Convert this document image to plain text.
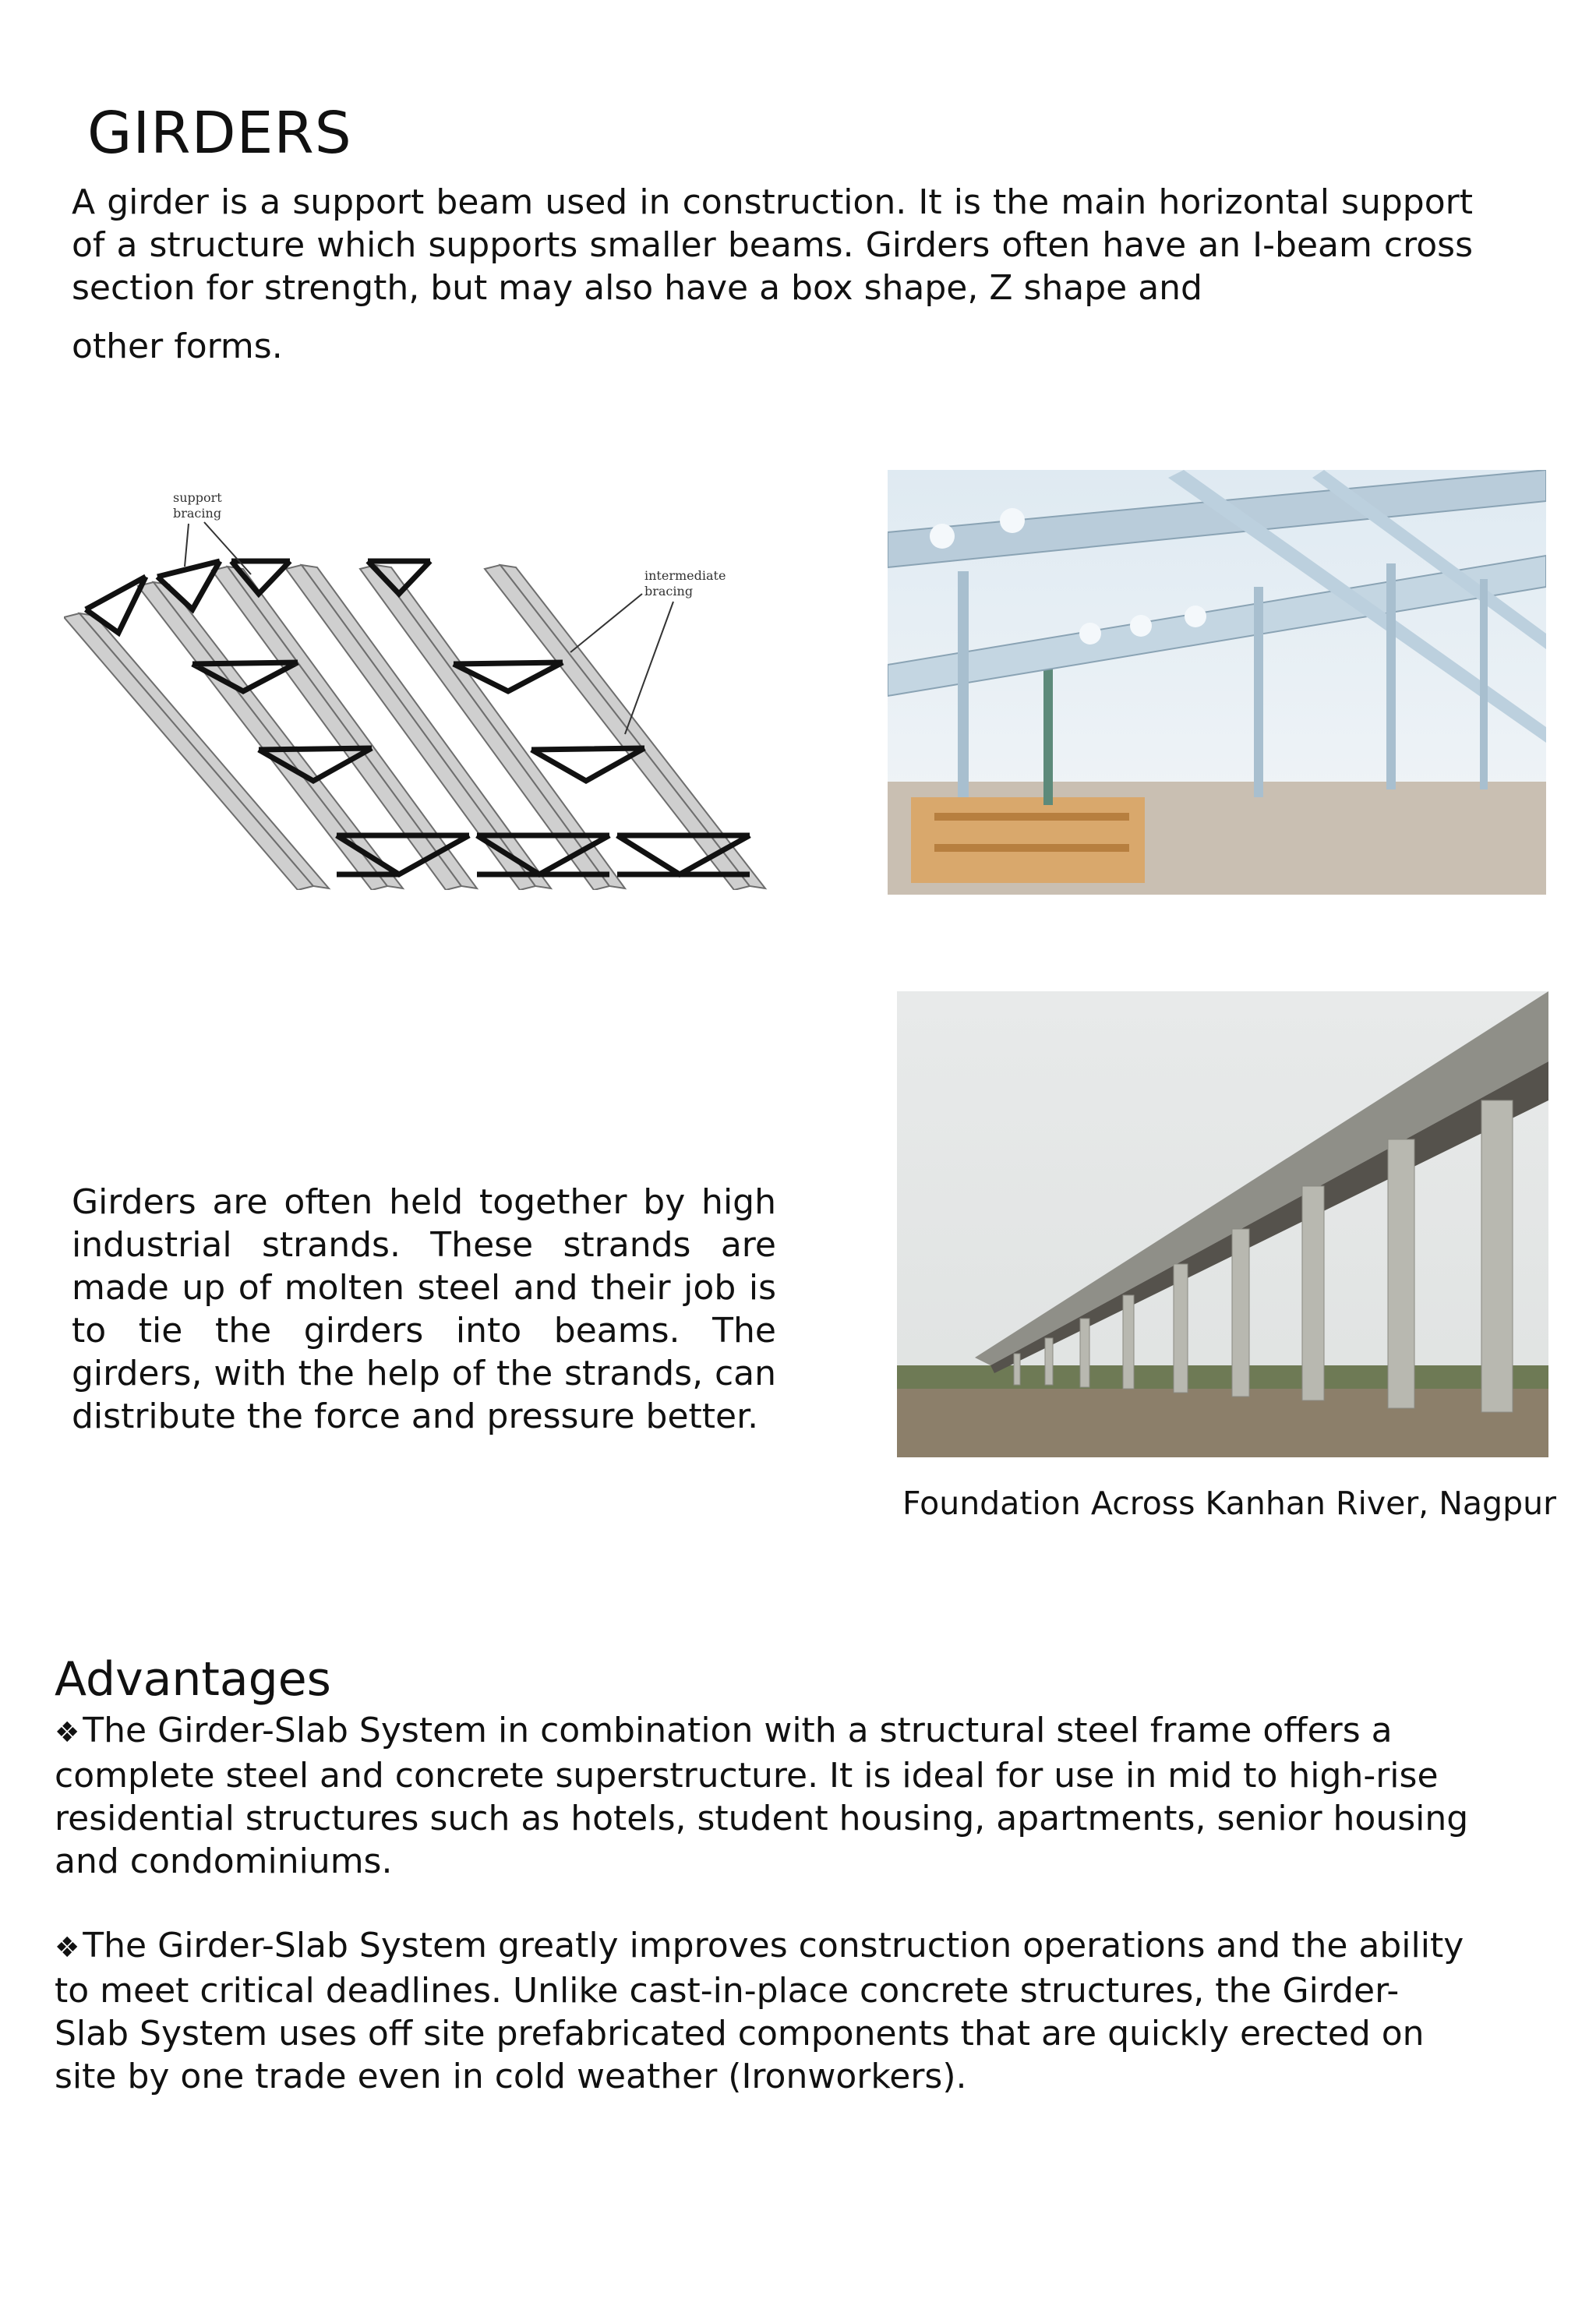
GIRDERS

A girder is a support beam used in construction. It is the main horizontal support of a structure which supports smaller beams. Girders often have an I-beam cross section for strength, but may also have a box shape, Z shape and
other forms.

support
bracing
intermediate
bracing

Girders are often held together by high industrial strands. These strands are made up of molten steel and their job is to tie the girders into beams. The girders, with the help of the strands, can distribute the force and pressure better.

Foundation Across Kanhan River, Nagpur
Advantages

❖The Girder-Slab System in combination with a structural steel frame offers a complete steel and concrete superstructure. It is ideal for use in mid to high-rise residential structures such as hotels, student housing, apartments, senior housing and condominiums.

❖The Girder-Slab System greatly improves construction operations and the ability to meet critical deadlines. Unlike cast-in-place concrete structures, the Girder-Slab System uses off site prefabricated components that are quickly erected on site by one trade even in cold weather (Ironworkers).
